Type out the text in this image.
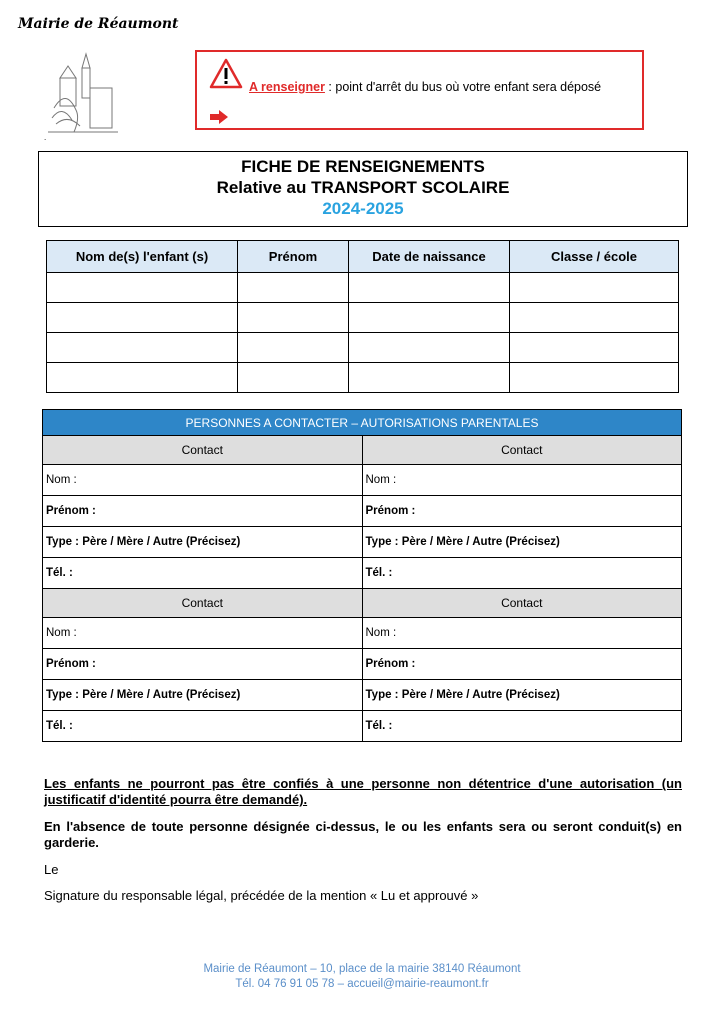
Mairie de Réaumont
A renseigner : point d'arrêt du bus où votre enfant sera déposé
.
FICHE DE RENSEIGNEMENTS
Relative au TRANSPORT SCOLAIRE
2024-2025
Nom de(s) l'enfant (s)	Prénom	Date de naissance	Classe / école

PERSONNES A CONTACTER – AUTORISATIONS PARENTALES	
Contact	Contact
Nom :	Nom :
Prénom :	Prénom :
Type : Père / Mère / Autre (Précisez)	Type : Père / Mère / Autre (Précisez)
Tél. :	Tél. :
Contact	Contact
Nom :	Nom :
Prénom :	Prénom :
Type : Père / Mère / Autre (Précisez)	Type : Père / Mère / Autre (Précisez)
Tél. :	Tél. :
Les enfants ne pourront pas être confiés à une personne non détentrice d'une autorisation (un justificatif d'identité pourra être demandé).
En l'absence de toute personne désignée ci-dessus, le ou les enfants sera ou seront conduit(s) en garderie.
Le
Signature du responsable légal, précédée de la mention « Lu et approuvé »
Mairie de Réaumont – 10, place de la mairie 38140 Réaumont
Tél. 04 76 91 05 78 – accueil@mairie-reaumont.fr
